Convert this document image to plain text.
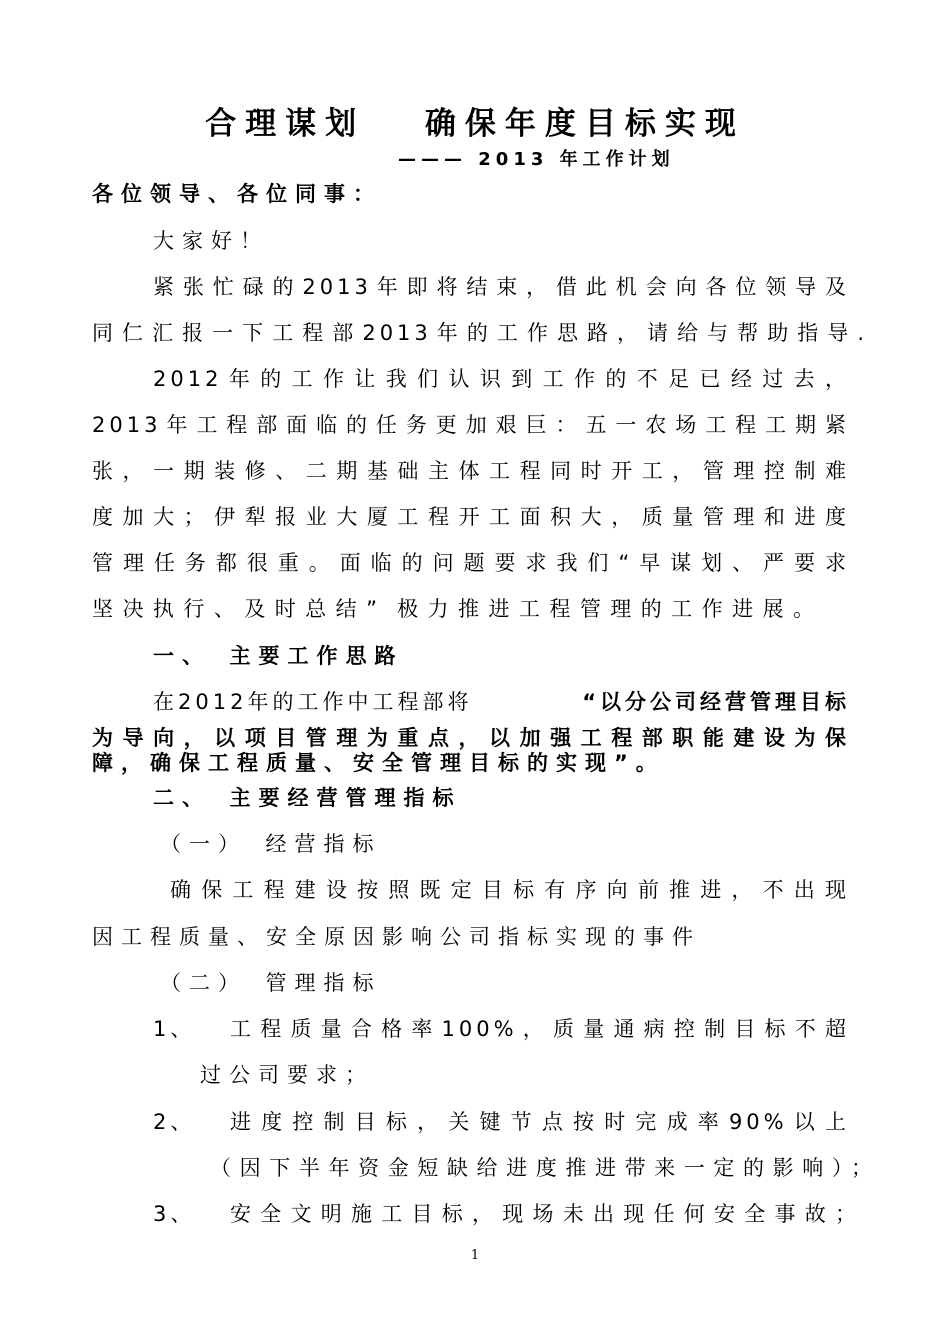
合理谋划　 确保年度目标实现
——— 2013 年工作计划
各位领导、各位同事：
大家好！
紧张忙碌的2013年即将结束，借此机会向各位领导及
同仁汇报一下工程部2013年的工作思路，请给与帮助指导.
2012年的工作让我们认识到工作的不足已经过去，
2013年工程部面临的任务更加艰巨：五一农场工程工期紧
张，一期装修、二期基础主体工程同时开工，管理控制难
度加大；伊犁报业大厦工程开工面积大，质量管理和进度
管理任务都很重。面临的问题要求我们“早谋划、严要求
坚决执行、及时总结” 极力推进工程管理的工作进展。
一、　主要工作思路
在2012年的工作中工程部将	“以分公司经营管理目标
为导向，以项目管理为重点，以加强工程部职能建设为保
障，确保工程质量、安全管理目标的实现”。
二、　主要经营管理指标
（一）　经营指标
确保工程建设按照既定目标有序向前推进，不出现
因工程质量、安全原因影响公司指标实现的事件
（二）　管理指标
1、 工程质量合格率100%，质量通病控制目标不超
过公司要求；
2、 进度控制目标，关键节点按时完成率90%以上
（因下半年资金短缺给进度推进带来一定的影响）；
3、 安全文明施工目标，现场未出现任何安全事故；
1
